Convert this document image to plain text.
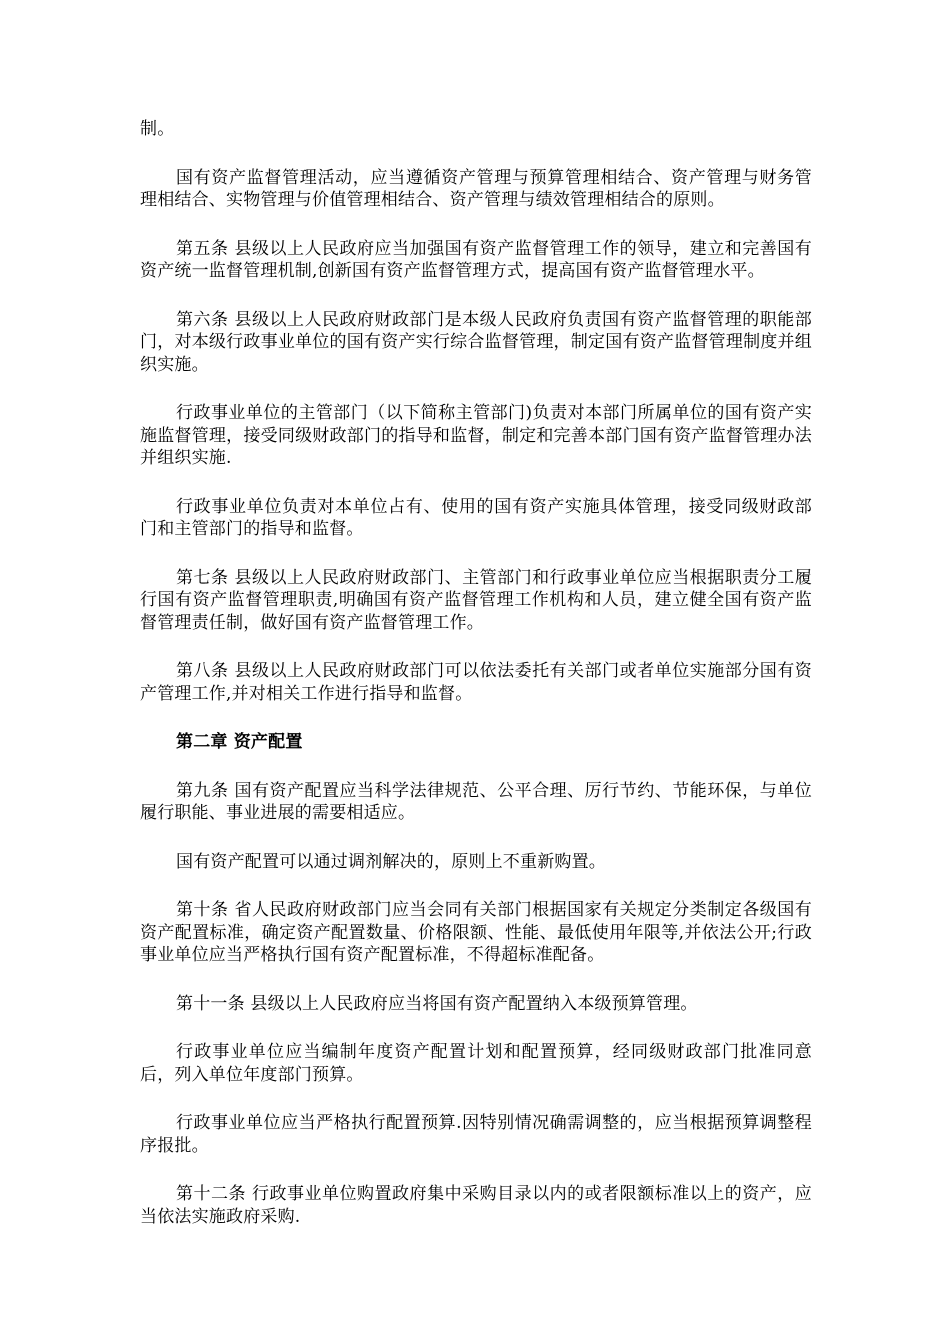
制。

国有资产监督管理活动，应当遵循资产管理与预算管理相结合、资产管理与财务管理相结合、实物管理与价值管理相结合、资产管理与绩效管理相结合的原则。

第五条 县级以上人民政府应当加强国有资产监督管理工作的领导，建立和完善国有资产统一监督管理机制,创新国有资产监督管理方式，提高国有资产监督管理水平。

第六条 县级以上人民政府财政部门是本级人民政府负责国有资产监督管理的职能部门，对本级行政事业单位的国有资产实行综合监督管理，制定国有资产监督管理制度并组织实施。

行政事业单位的主管部门（以下简称主管部门)负责对本部门所属单位的国有资产实施监督管理，接受同级财政部门的指导和监督，制定和完善本部门国有资产监督管理办法并组织实施.

行政事业单位负责对本单位占有、使用的国有资产实施具体管理，接受同级财政部门和主管部门的指导和监督。

第七条 县级以上人民政府财政部门、主管部门和行政事业单位应当根据职责分工履行国有资产监督管理职责,明确国有资产监督管理工作机构和人员，建立健全国有资产监督管理责任制，做好国有资产监督管理工作。

第八条 县级以上人民政府财政部门可以依法委托有关部门或者单位实施部分国有资产管理工作,并对相关工作进行指导和监督。

第二章 资产配置

第九条 国有资产配置应当科学法律规范、公平合理、厉行节约、节能环保，与单位履行职能、事业进展的需要相适应。

国有资产配置可以通过调剂解决的，原则上不重新购置。

第十条 省人民政府财政部门应当会同有关部门根据国家有关规定分类制定各级国有资产配置标准，确定资产配置数量、价格限额、性能、最低使用年限等,并依法公开;行政事业单位应当严格执行国有资产配置标准，不得超标准配备。

第十一条 县级以上人民政府应当将国有资产配置纳入本级预算管理。

行政事业单位应当编制年度资产配置计划和配置预算，经同级财政部门批准同意后，列入单位年度部门预算。

行政事业单位应当严格执行配置预算.因特别情况确需调整的，应当根据预算调整程序报批。

第十二条 行政事业单位购置政府集中采购目录以内的或者限额标准以上的资产，应当依法实施政府采购.
